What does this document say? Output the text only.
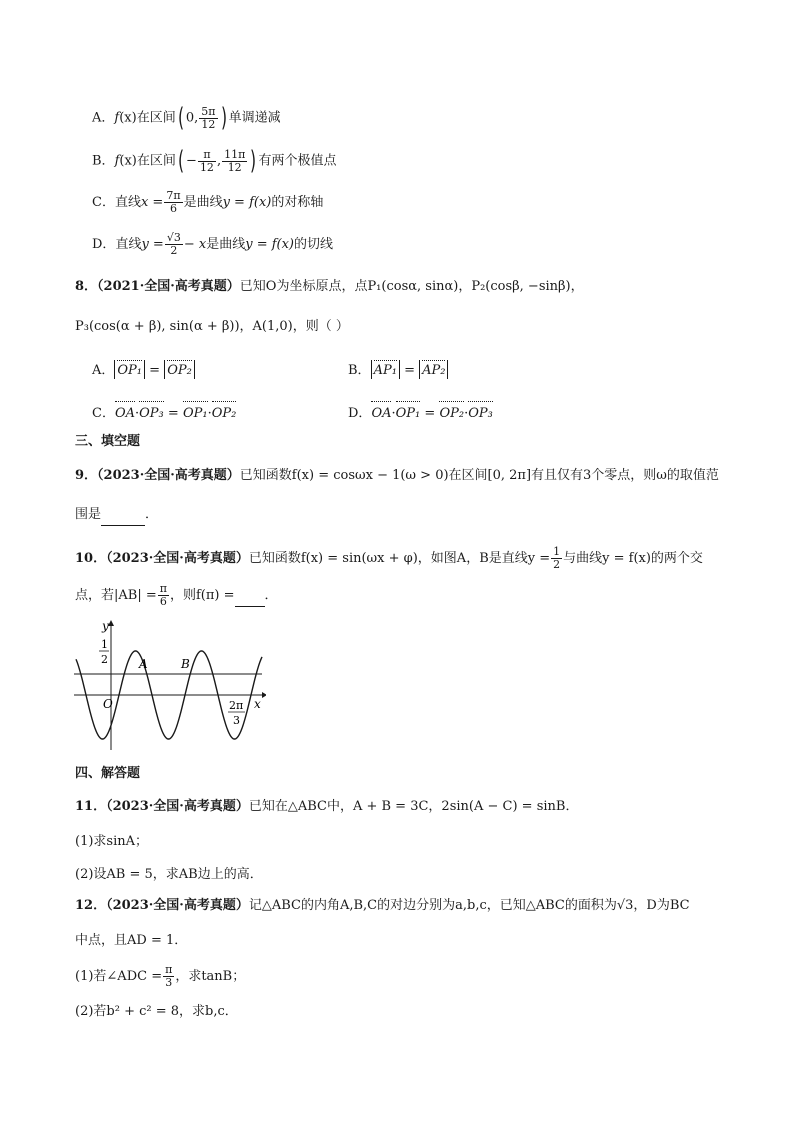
A．f(x)在区间( 0, $\frac{5\pi}{12}$ ) 单调递减
B．f(x)在区间( − $\frac{\pi}{12}$ , $\frac{11\pi}{12}$ ) 有两个极值点
C．直线$x = \frac{7\pi}{6}$ 是曲线y = f(x)的对称轴
D．直线$y = \frac{√3}{2} - x$是曲线y = f(x)的切线
8．（2021·全国·高考真题）已知O为坐标原点，点P₁(cosα, sinα)，P₂(cosβ, −sinβ)，
P₃(cos(α + β), sin(α + β))，A(1,0)，则（ ）
A． OP₁ = OP₂	B． AP₁ = AP₂
C．OA·OP₃ = OP₁·OP₂	D．OA·OP₁ = OP₂·OP₃
三、填空题
9．（2023·全国·高考真题）已知函数f(x) = cosωx − 1(ω > 0)在区间[0, 2π]有且仅有3个零点，则ω的取值范
围是	．
10．（2023·全国·高考真题）已知函数f(x) = sin(ωx + φ)，如图A，B是直线$y = \frac{1}{2}$ 与曲线y = f(x)的两个交
点，若$|AB| = \frac{\pi}{6}$ ，则f(π) = ．
y
x
O
1
2	A	B
2π
3
四、解答题
11．（2023·全国·高考真题）已知在△ABC中，A + B = 3C，2sin(A − C) = sinB．
(1)求sinA；
(2)设AB = 5，求AB边上的高．
12．（2023·全国·高考真题）记△ABC的内角A,B,C的对边分别为a,b,c，已知△ABC的面积为√3，D为BC
中点，且AD = 1．
(1)若∠ADC = $\frac{\pi}{3}$ ，求tanB；
(2)若b² + c² = 8，求b,c．
